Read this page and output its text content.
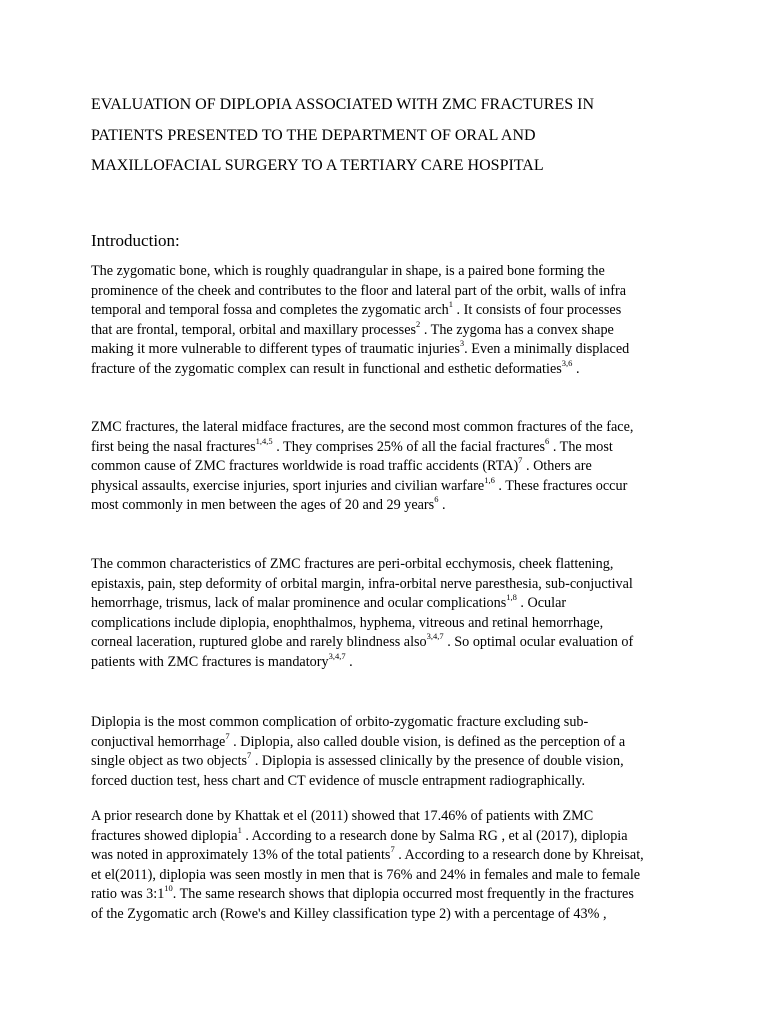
EVALUATION OF DIPLOPIA ASSOCIATED WITH ZMC FRACTURES IN
PATIENTS PRESENTED TO THE DEPARTMENT OF ORAL AND
MAXILLOFACIAL SURGERY TO A TERTIARY CARE HOSPITAL
Introduction:
The zygomatic bone, which is roughly quadrangular in shape, is a paired bone forming the
prominence of the cheek and contributes to the floor and lateral part of the orbit, walls of infra
temporal and temporal fossa and completes the zygomatic arch$^1$ . It consists of four processes
that are frontal, temporal, orbital and maxillary processes$^2$ . The zygoma has a convex shape
making it more vulnerable to different types of traumatic injuries$^3$. Even a minimally displaced
fracture of the zygomatic complex can result in functional and esthetic deformaties$^{3,6}$ .
ZMC fractures, the lateral midface fractures, are the second most common fractures of the face,
first being the nasal fractures$^{1,4,5}$ . They comprises 25% of all the facial fractures$^6$ . The most
common cause of ZMC fractures worldwide is road traffic accidents (RTA)$^7$ . Others are
physical assaults, exercise injuries, sport injuries and civilian warfare$^{1,6}$ . These fractures occur
most commonly in men between the ages of 20 and 29 years$^6$ .
The common characteristics of ZMC fractures are peri-orbital ecchymosis, cheek flattening,
epistaxis, pain, step deformity of orbital margin, infra-orbital nerve paresthesia, sub-conjuctival
hemorrhage, trismus, lack of malar prominence and ocular complications$^{1,8}$ . Ocular
complications include diplopia, enophthalmos, hyphema, vitreous and retinal hemorrhage,
corneal laceration, ruptured globe and rarely blindness also$^{3,4,7}$ . So optimal ocular evaluation of
patients with ZMC fractures is mandatory$^{3,4,7}$ .
Diplopia is the most common complication of orbito-zygomatic fracture excluding sub-
conjuctival hemorrhage$^7$ . Diplopia, also called double vision, is defined as the perception of a
single object as two objects$^7$ . Diplopia is assessed clinically by the presence of double vision,
forced duction test, hess chart and CT evidence of muscle entrapment radiographically.
A prior research done by Khattak et el (2011) showed that 17.46% of patients with ZMC
fractures showed diplopia$^1$ . According to a research done by Salma RG , et al (2017), diplopia
was noted in approximately 13% of the total patients$^7$ . According to a research done by Khreisat,
et el(2011), diplopia was seen mostly in men that is 76% and 24% in females and male to female
ratio was $3:1^{10}$. The same research shows that diplopia occurred most frequently in the fractures
of the Zygomatic arch (Rowe's and Killey classification type 2) with a percentage of 43% ,
